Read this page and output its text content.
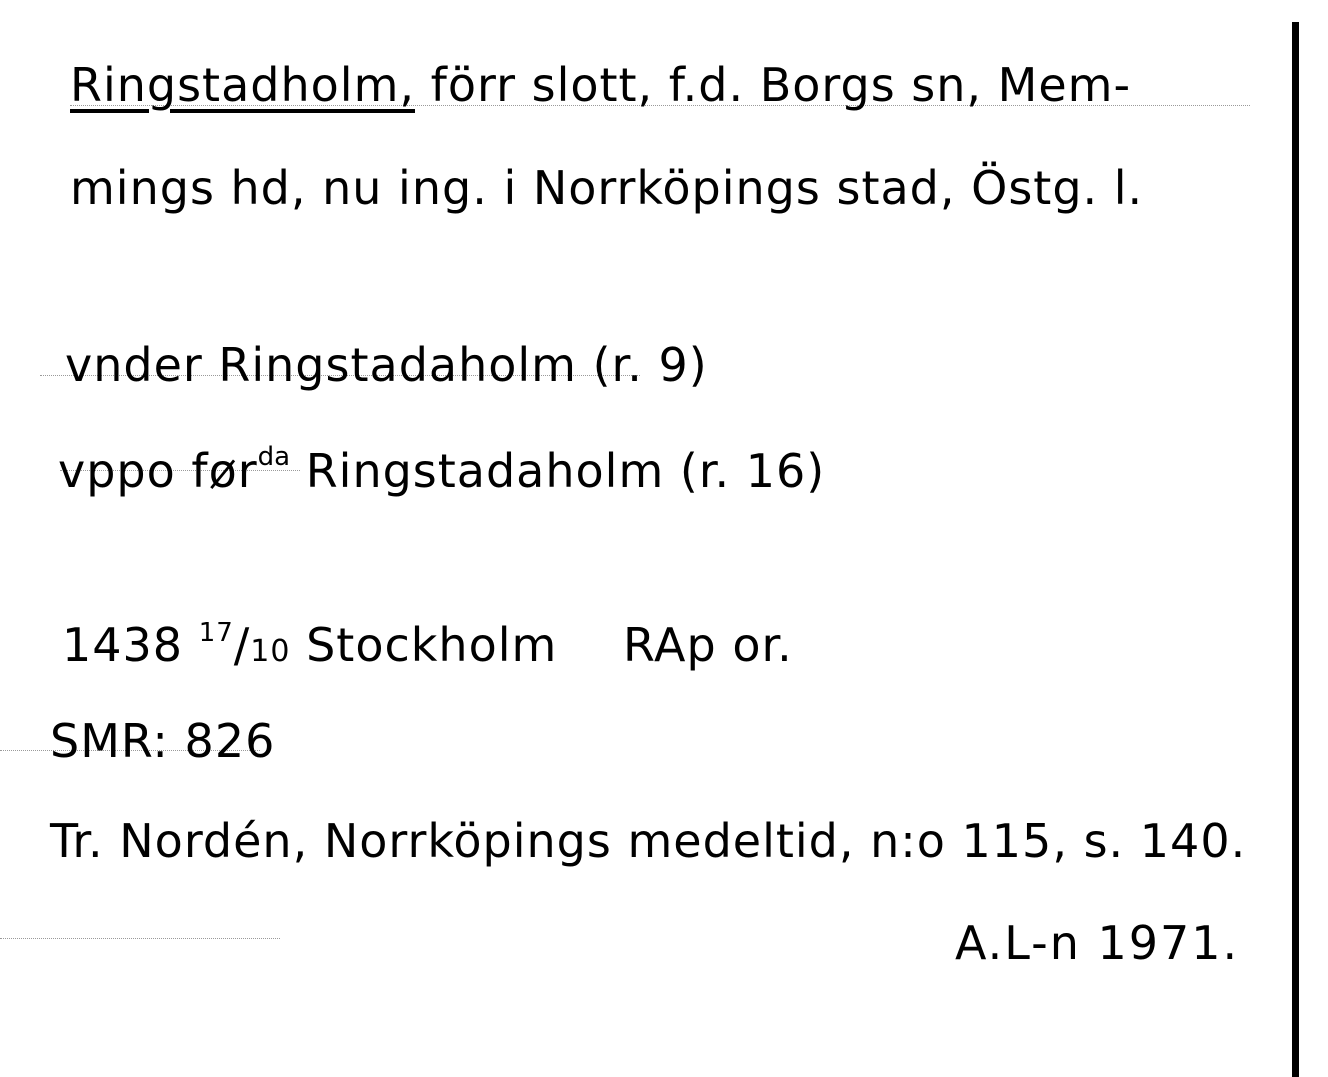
Ringstadholm, förr slott, f.d. Borgs sn, Mem-
mings hd, nu ing. i Norrköpings stad, Östg. l.
vnder Ringstadaholm (r. 9)
vppo før$^{da}$ Ringstadaholm (r. 16)
1438 $^{17}$/10 Stockholm RAp or.
SMR: 826
Tr. Nordén, Norrköpings medeltid, n:o 115, s. 140.
A.L-n 1971.
